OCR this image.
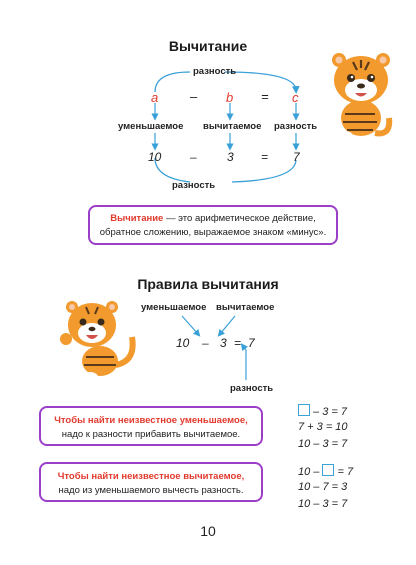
Вычитание
разность
a – b = c
уменьшаемое вычитаемое разность
10 –	3 = 7
разность
Вычитание — это арифметическое действие,
обратное сложению, выражаемое знаком «минус».
Правила вычитания
уменьшаемое вычитаемое
10 – 3 = 7
разность
Чтобы найти неизвестное уменьшаемое,
надо к разности прибавить вычитаемое.
Чтобы найти неизвестное вычитаемое,
надо из уменьшаемого вычесть разность.
– 3 = 7
7 + 3 = 10
10 – 3 = 7
10 –  = 7
10 – 7 = 3
10 – 3 = 7
10
